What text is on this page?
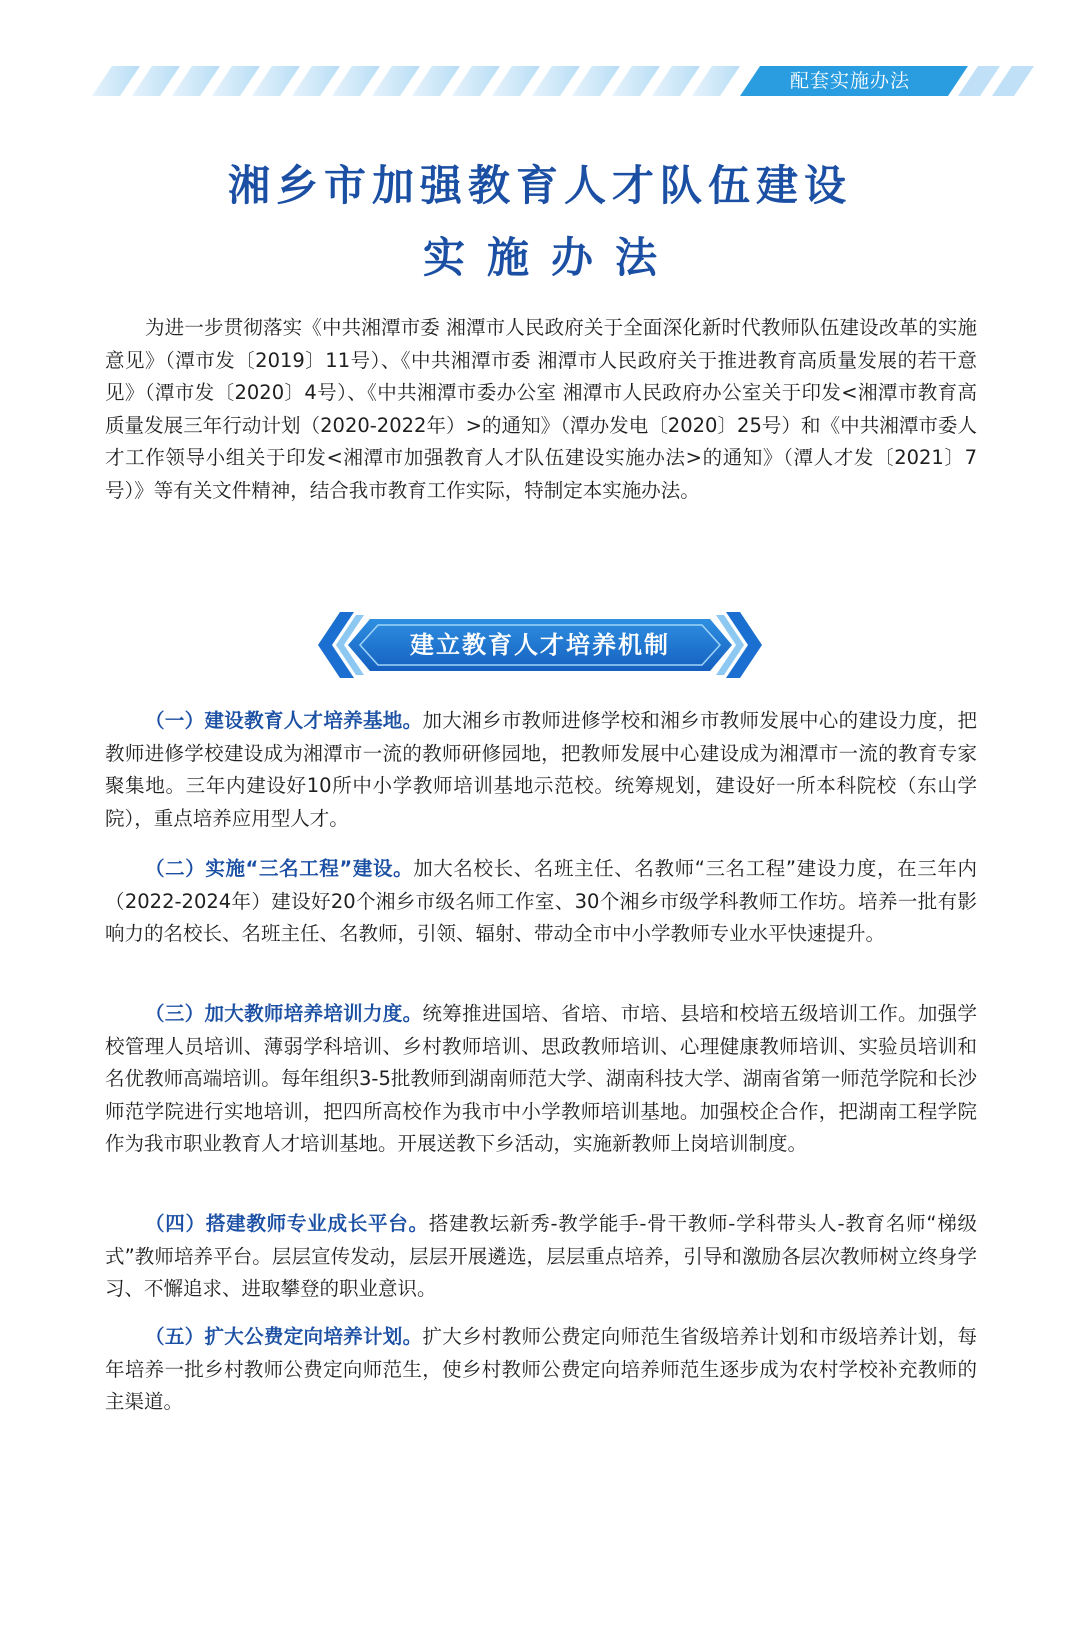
配套实施办法
湘乡市加强教育人才队伍建设
实施办法

为进一步贯彻落实《中共湘潭市委 湘潭市人民政府关于全面深化新时代教师队伍建设改革的实施意见》（潭市发〔2019〕11号）、《中共湘潭市委 湘潭市人民政府关于推进教育高质量发展的若干意见》（潭市发〔2020〕4号）、《中共湘潭市委办公室 湘潭市人民政府办公室关于印发<湘潭市教育高质量发展三年行动计划（2020-2022年）>的通知》（潭办发电〔2020〕25号）和《中共湘潭市委人才工作领导小组关于印发<湘潭市加强教育人才队伍建设实施办法>的通知》（潭人才发〔2021〕7号）》等有关文件精神，结合我市教育工作实际，特制定本实施办法。

建立教育人才培养机制

（一）建设教育人才培养基地。加大湘乡市教师进修学校和湘乡市教师发展中心的建设力度，把教师进修学校建设成为湘潭市一流的教师研修园地，把教师发展中心建设成为湘潭市一流的教育专家聚集地。三年内建设好10所中小学教师培训基地示范校。统筹规划，建设好一所本科院校（东山学院），重点培养应用型人才。

（二）实施“三名工程”建设。加大名校长、名班主任、名教师“三名工程”建设力度，在三年内（2022-2024年）建设好20个湘乡市级名师工作室、30个湘乡市级学科教师工作坊。培养一批有影响力的名校长、名班主任、名教师，引领、辐射、带动全市中小学教师专业水平快速提升。

（三）加大教师培养培训力度。统筹推进国培、省培、市培、县培和校培五级培训工作。加强学校管理人员培训、薄弱学科培训、乡村教师培训、思政教师培训、心理健康教师培训、实验员培训和名优教师高端培训。每年组织3-5批教师到湖南师范大学、湖南科技大学、湖南省第一师范学院和长沙师范学院进行实地培训，把四所高校作为我市中小学教师培训基地。加强校企合作，把湖南工程学院作为我市职业教育人才培训基地。开展送教下乡活动，实施新教师上岗培训制度。

（四）搭建教师专业成长平台。搭建教坛新秀-教学能手-骨干教师-学科带头人-教育名师“梯级式”教师培养平台。层层宣传发动，层层开展遴选，层层重点培养，引导和激励各层次教师树立终身学习、不懈追求、进取攀登的职业意识。

（五）扩大公费定向培养计划。扩大乡村教师公费定向师范生省级培养计划和市级培养计划，每年培养一批乡村教师公费定向师范生，使乡村教师公费定向培养师范生逐步成为农村学校补充教师的主渠道。
